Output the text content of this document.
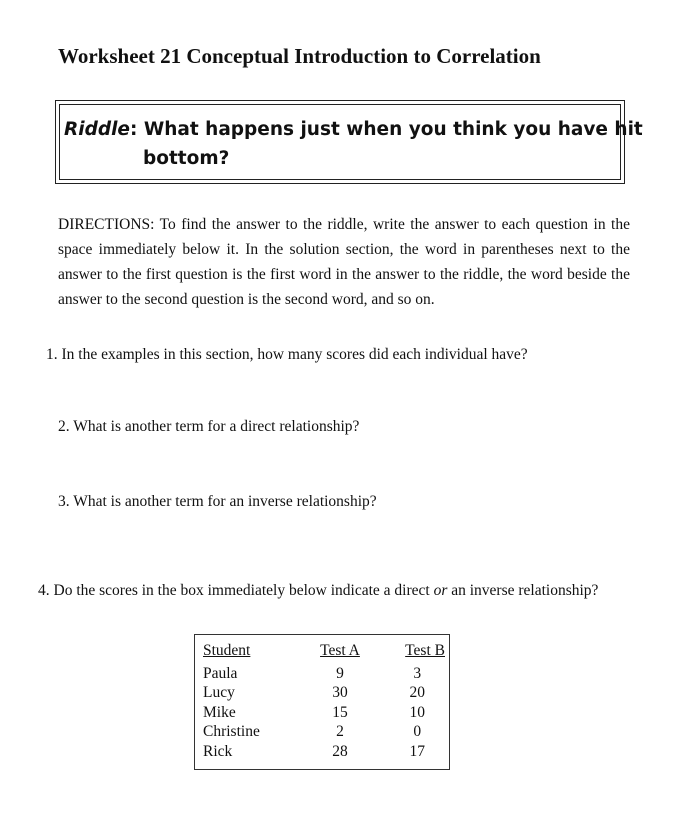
Worksheet 21 Conceptual Introduction to Correlation
Riddle: What happens just when you think you have hit bottom?
DIRECTIONS: To find the answer to the riddle, write the answer to each question in the space immediately below it. In the solution section, the word in parentheses next to the answer to the first question is the first word in the answer to the riddle, the word beside the answer to the second question is the second word, and so on.
1. In the examples in this section, how many scores did each individual have?
2. What is another term for a direct relationship?
3. What is another term for an inverse relationship?
4. Do the scores in the box immediately below indicate a direct or an inverse relationship?
Student	Test A	Test B
Paula	9	3
Lucy	30	20
Mike	15	10
Christine	2	0
Rick	28	17
